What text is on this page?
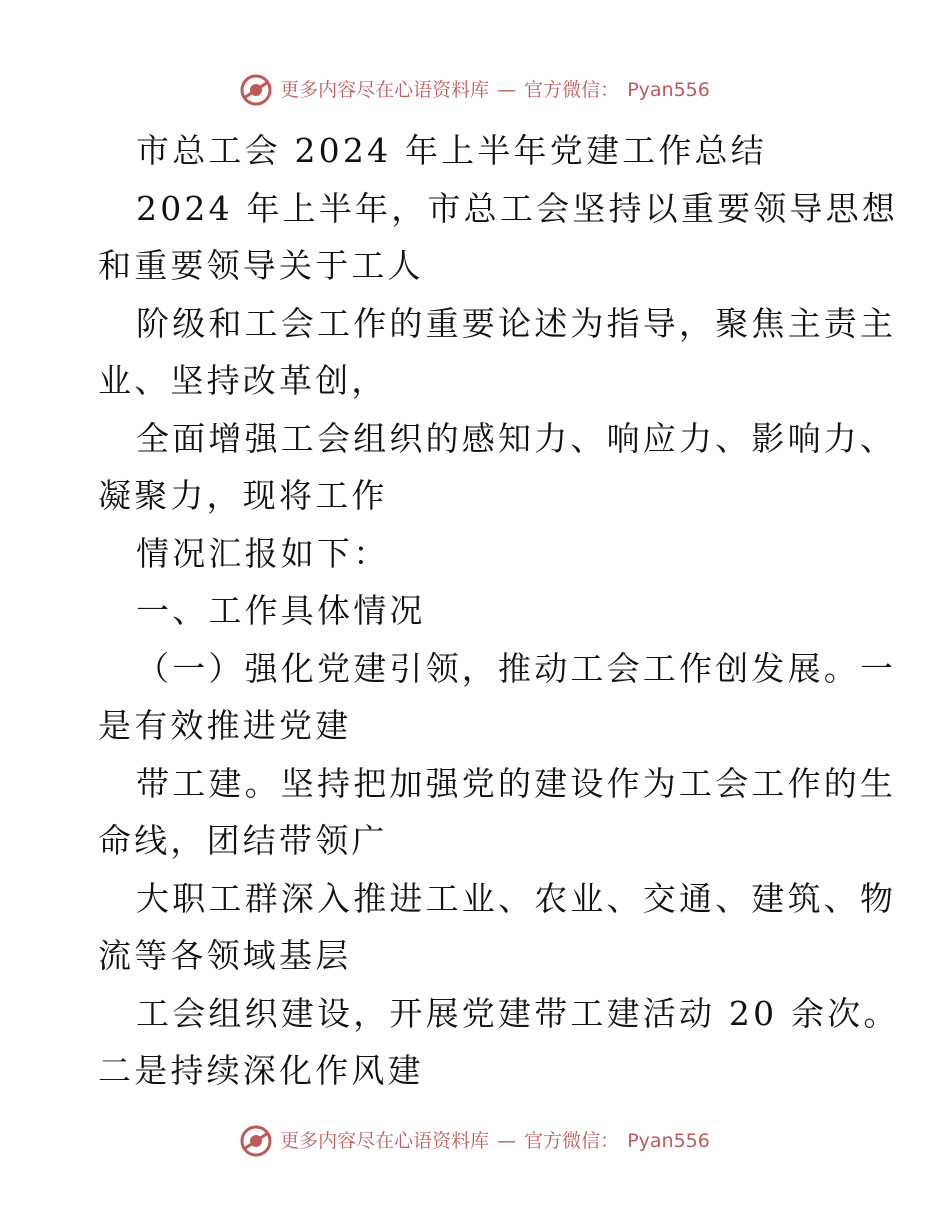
更多内容尽在心语资料库 — 官方微信： Pyan556
市总工会 2024 年上半年党建工作总结
2024 年上半年，市总工会坚持以重要领导思想
和重要领导关于工人
阶级和工会工作的重要论述为指导，聚焦主责主
业、坚持改革创，
全面增强工会组织的感知力、响应力、影响力、
凝聚力，现将工作
情况汇报如下：
一、工作具体情况
（一）强化党建引领，推动工会工作创发展。一
是有效推进党建
带工建。坚持把加强党的建设作为工会工作的生
命线，团结带领广
大职工群深入推进工业、农业、交通、建筑、物
流等各领域基层
工会组织建设，开展党建带工建活动 20 余次。
二是持续深化作风建
更多内容尽在心语资料库 — 官方微信： Pyan556
